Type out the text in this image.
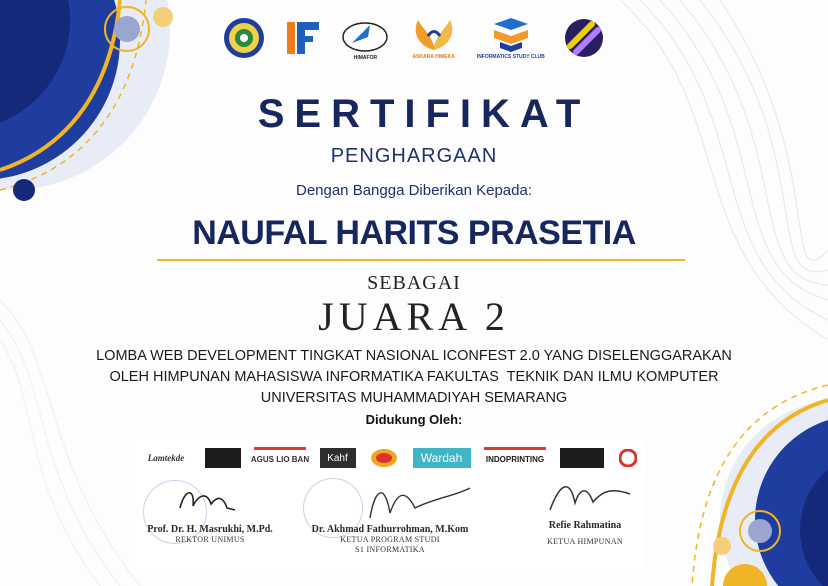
HIMAFOR	ASKARA HIMEKA	INFORMATICS STUDY CLUB
SERTIFIKAT
PENGHARGAAN
Dengan Bangga Diberikan Kepada:
NAUFAL HARITS PRASETIA
SEBAGAI
JUARA 2
LOMBA WEB DEVELOPMENT TINGKAT NASIONAL ICONFEST 2.0 YANG DISELENGGARAKAN
OLEH HIMPUNAN MAHASISWA INFORMATIKA FAKULTAS  TEKNIK DAN ILMU KOMPUTER
UNIVERSITAS MUHAMMADIYAH SEMARANG
Didukung Oleh:
Lamtekde	AGUS LIO BAN Kahf	Wardah	INDOPRINTING
Prof. Dr. H. Masrukhi, M.Pd.
REKTOR UNIMUS
Dr. Akhmad Fathurrohman, M.Kom
KETUA PROGRAM STUDI
S1 INFORMATIKA
Refie Rahmatina
KETUA HIMPUNAN
